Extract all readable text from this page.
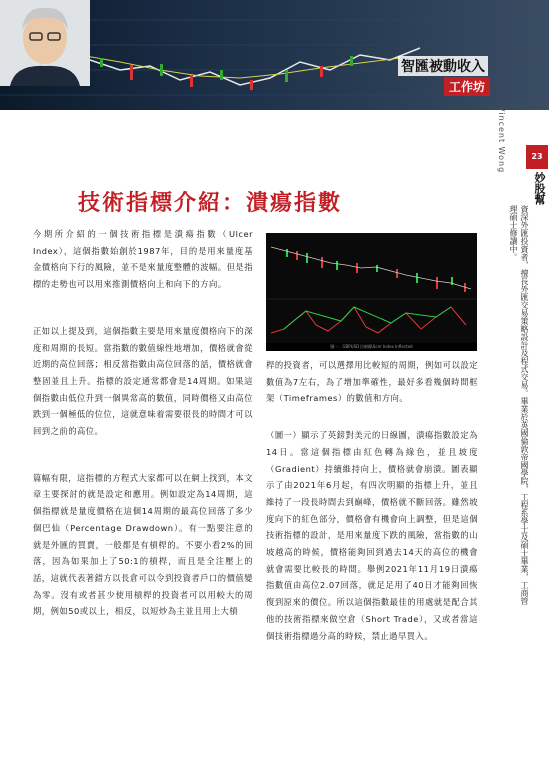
智匯被動收入
工作坊
Vincent Wong	23
妙股幫
資深外匯投資者，擅長外匯交易策略設計及程式交易。畢業於英國倫敦帝國學院，工程系學士及碩士畢業，工商管理碩士修讀中。
技術指標介紹：潰瘍指數

今期所介紹的一個技術指標是潰瘍指數（Ulcer Index），這個指數始創於1987年，目的是用來量度基金價格向下行的風險，並不是來量度整體的波幅。但是指標的走勢也可以用來推測價格向上和向下的方向。

正如以上提及到，這個指數主要是用來量度價格向下的深度和周期的長短。當指數的數值線性地增加，價格就會從近期的高位回落；相反當指數由高位回落的話，價格就會整固並且上升。指標的設定通常都會是14周期。如果這個指數由低位升到一個異常高的數值，同時價格又由高位跌到一個極低的位位，這就意味着需要很長的時間才可以回到之前的高位。

篇幅有限，這指標的方程式大家都可以在網上找到，本文章主要探討的就是設定和應用。例如設定為14周期，這個指標就是量度價格在這個14周期的最高位回落了多少個巴仙（Percentage Drawdown）。有一點要注意的就是外匯的買賣，一般都是有槓桿的。不要小看2%的回落，因為如果加上了50:1的槓桿，而且是全注壓上的話，這就代表著錯方以長倉可以令到投資者戶口的價值變為零。沒有或者甚少使用槓桿的投資者可以用較大的周期，例如50或以上，相反，以短炒為主並且用上大槓

圖一：GBPUSD日線圖Ulcer Index Inflected

桿的投資者，可以選擇用比較短的周期，例如可以設定數值為7左右，為了增加準確性，最好多看幾個時間框架（Timeframes）的數值和方向。

（圖一）顯示了英鎊對美元的日線圖，潰瘍指數設定為14日。當這個指標由紅色轉為綠色，並且坡度（Gradient）持續維持向上，價格就會崩潰。圖表顯示了由2021年6月起，有四次明顯的指標上升，並且維持了一段長時間去到巔峰，價格就不斷回落。雖然坡度向下的紅色部分，價格會有機會向上調整，但是這個技術指標的設計，是用來量度下跌的風險，當指數的山坡越高的時候，價格能夠回到過去14天的高位的機會就會需要比較長的時間。舉例2021年11月19日潰瘍指數值由高位2.07回落，就足足用了40日才能夠回恢復到原來的價位。所以這個指數最佳的用處就是配合其他的技術指標來做空倉（Short Trade），又或者當這個技術指標過分高的時候，禁止過早買入。
